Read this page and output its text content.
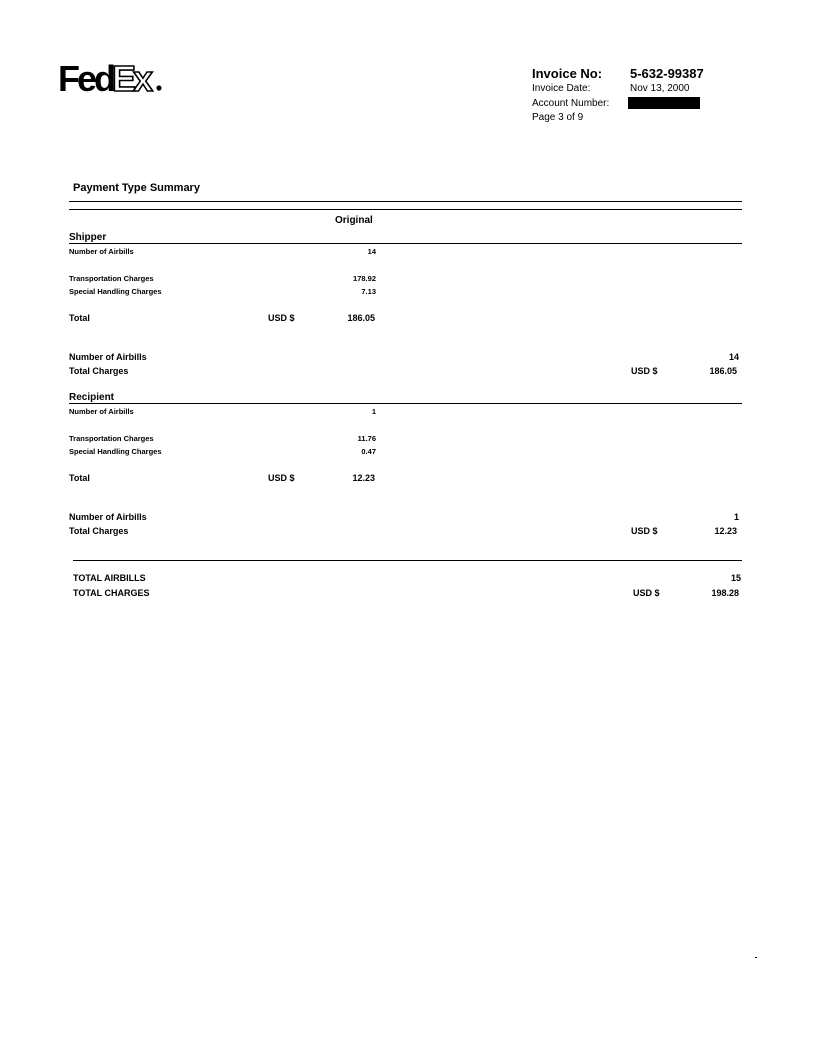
Fed
Ex	Invoice No: 5-632-99387
Invoice Date:	Nov 13, 2000
Account Number:
Page 3 of 9
Payment Type Summary
Original
Shipper
Number of Airbills	14
Transportation Charges	178.92
Special Handling Charges	7.13
Total	USD $	186.05
Number of Airbills	14
Total Charges	USD $	186.05
Recipient
Number of Airbills	1
Transportation Charges	11.76
Special Handling Charges	0.47
Total	USD $	12.23
Number of Airbills	1
Total Charges	USD $	12.23
TOTAL AIRBILLS	15
TOTAL CHARGES	USD $	198.28
